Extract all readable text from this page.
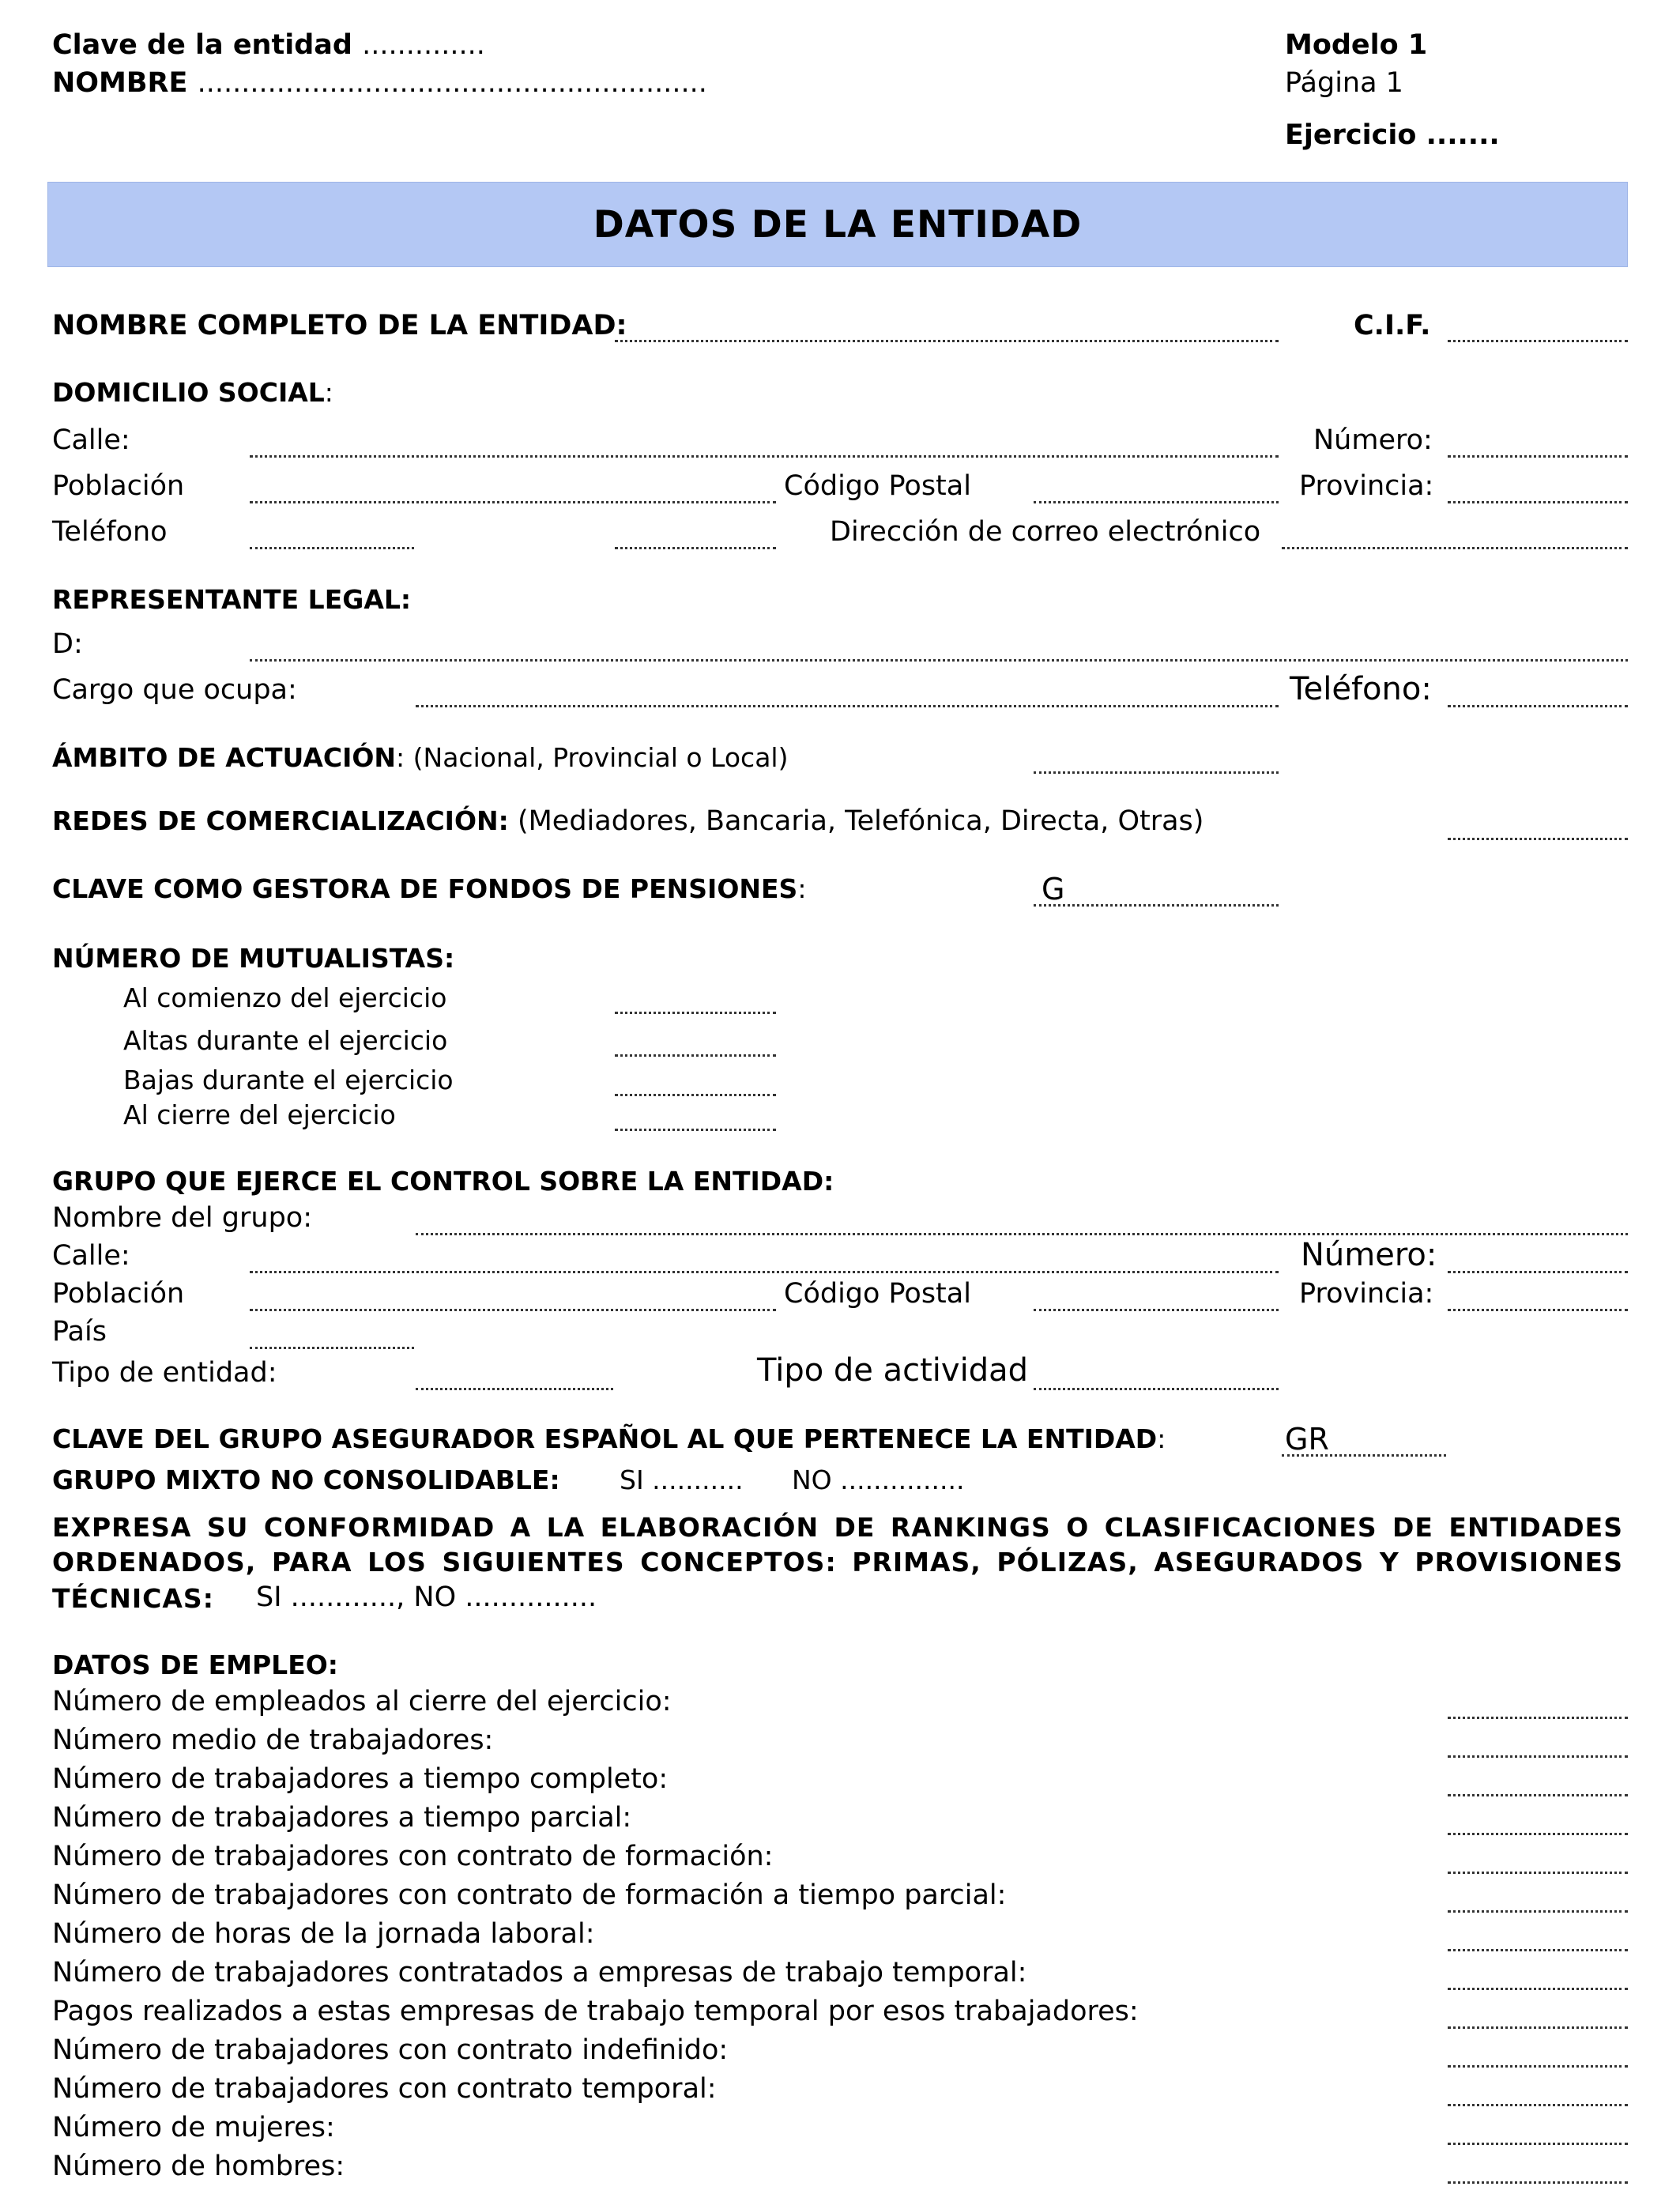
Clave de la entidad ..............
NOMBRE ..........................................................
Modelo 1
Página 1
Ejercicio .......
DATOS DE LA ENTIDAD
NOMBRE COMPLETO DE LA ENTIDAD:	C.I.F.
DOMICILIO SOCIAL:
Calle:	Número:
Población	Código Postal	Provincia:
Teléfono	Dirección de correo electrónico
REPRESENTANTE LEGAL:
D:
Cargo que ocupa:	Teléfono:
ÁMBITO DE ACTUACIÓN: (Nacional, Provincial o Local)
REDES DE COMERCIALIZACIÓN: (Mediadores, Bancaria, Telefónica, Directa, Otras)
CLAVE COMO GESTORA DE FONDOS DE PENSIONES:	G
NÚMERO DE MUTUALISTAS:
Al comienzo del ejercicio
Altas durante el ejercicio
Bajas durante el ejercicio
Al cierre del ejercicio
GRUPO QUE EJERCE EL CONTROL SOBRE LA ENTIDAD:
Nombre del grupo:
Calle:	Número:
Población	Código Postal	Provincia:
País
Tipo de entidad:	Tipo de actividad
CLAVE DEL GRUPO ASEGURADOR ESPAÑOL AL QUE PERTENECE LA ENTIDAD:	GR
GRUPO MIXTO NO CONSOLIDABLE: SI ........... NO ...............
EXPRESA SU CONFORMIDAD A LA ELABORACIÓN DE RANKINGS O CLASIFICACIONES DE ENTIDADES
ORDENADOS, PARA LOS SIGUIENTES CONCEPTOS: PRIMAS, PÓLIZAS, ASEGURADOS Y PROVISIONES
TÉCNICAS: SI ............, NO ...............
DATOS DE EMPLEO:
Número de empleados al cierre del ejercicio:
Número medio de trabajadores:
Número de trabajadores a tiempo completo:
Número de trabajadores a tiempo parcial:
Número de trabajadores con contrato de formación:
Número de trabajadores con contrato de formación a tiempo parcial:
Número de horas de la jornada laboral:
Número de trabajadores contratados a empresas de trabajo temporal:
Pagos realizados a estas empresas de trabajo temporal por esos trabajadores:
Número de trabajadores con contrato indefinido:
Número de trabajadores con contrato temporal:
Número de mujeres:
Número de hombres:
